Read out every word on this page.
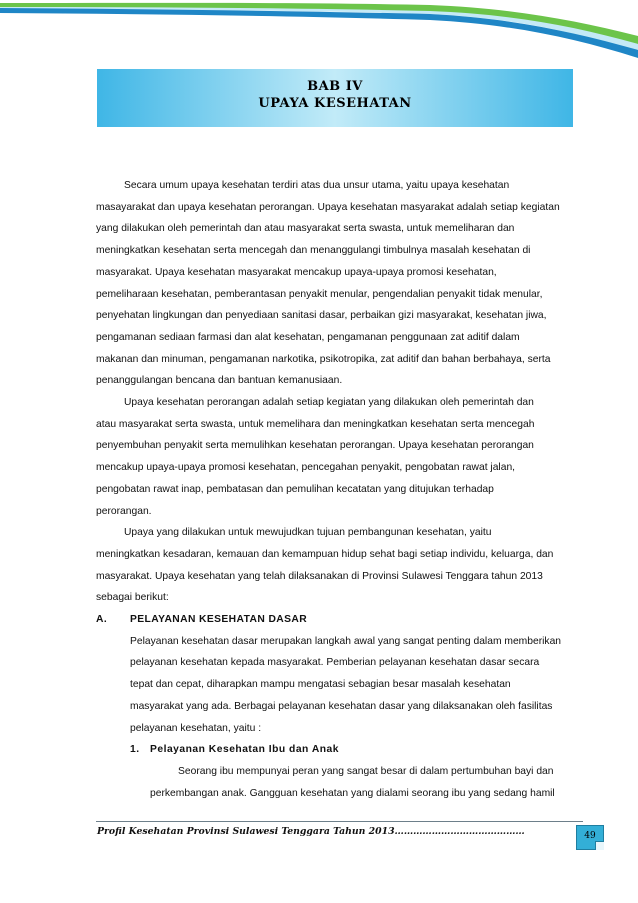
BAB IV
UPAYA KESEHATAN

Secara umum upaya kesehatan terdiri atas dua unsur utama, yaitu upaya kesehatan
masayarakat dan upaya kesehatan perorangan. Upaya kesehatan masyarakat adalah setiap kegiatan
yang dilakukan oleh pemerintah dan atau masyarakat serta swasta, untuk memeliharan dan
meningkatkan kesehatan serta mencegah dan menanggulangi timbulnya masalah kesehatan di
masyarakat. Upaya kesehatan masyarakat mencakup upaya-upaya promosi kesehatan,
pemeliharaan kesehatan, pemberantasan penyakit menular, pengendalian penyakit tidak menular,
penyehatan lingkungan dan penyediaan sanitasi dasar, perbaikan gizi masyarakat, kesehatan jiwa,
pengamanan sediaan farmasi dan alat kesehatan, pengamanan penggunaan zat aditif dalam
makanan dan minuman, pengamanan narkotika, psikotropika, zat aditif dan bahan berbahaya, serta
penanggulangan bencana dan bantuan kemanusiaan.

Upaya kesehatan perorangan adalah setiap kegiatan yang dilakukan oleh pemerintah dan
atau masyarakat serta swasta, untuk memelihara dan meningkatkan kesehatan serta mencegah
penyembuhan penyakit serta memulihkan kesehatan perorangan. Upaya kesehatan perorangan
mencakup upaya-upaya promosi kesehatan, pencegahan penyakit, pengobatan rawat jalan,
pengobatan rawat inap, pembatasan dan pemulihan kecatatan yang ditujukan terhadap
perorangan.

Upaya yang dilakukan untuk mewujudkan tujuan pembangunan kesehatan, yaitu
meningkatkan kesadaran, kemauan dan kemampuan hidup sehat bagi setiap individu, keluarga, dan
masyarakat. Upaya kesehatan yang telah dilaksanakan di Provinsi Sulawesi Tenggara tahun 2013
sebagai berikut:

A. PELAYANAN KESEHATAN DASAR

Pelayanan kesehatan dasar merupakan langkah awal yang sangat penting dalam memberikan
pelayanan kesehatan kepada masyarakat. Pemberian pelayanan kesehatan dasar secara
tepat dan cepat, diharapkan mampu mengatasi sebagian besar masalah kesehatan
masyarakat yang ada. Berbagai pelayanan kesehatan dasar yang dilaksanakan oleh fasilitas
pelayanan kesehatan, yaitu :

1. Pelayanan Kesehatan Ibu dan Anak

Seorang ibu mempunyai peran yang sangat besar di dalam pertumbuhan bayi dan
perkembangan anak. Gangguan kesehatan yang dialami seorang ibu yang sedang hamil

Profil Kesehatan Provinsi Sulawesi Tenggara Tahun 2013……………………………………	49
